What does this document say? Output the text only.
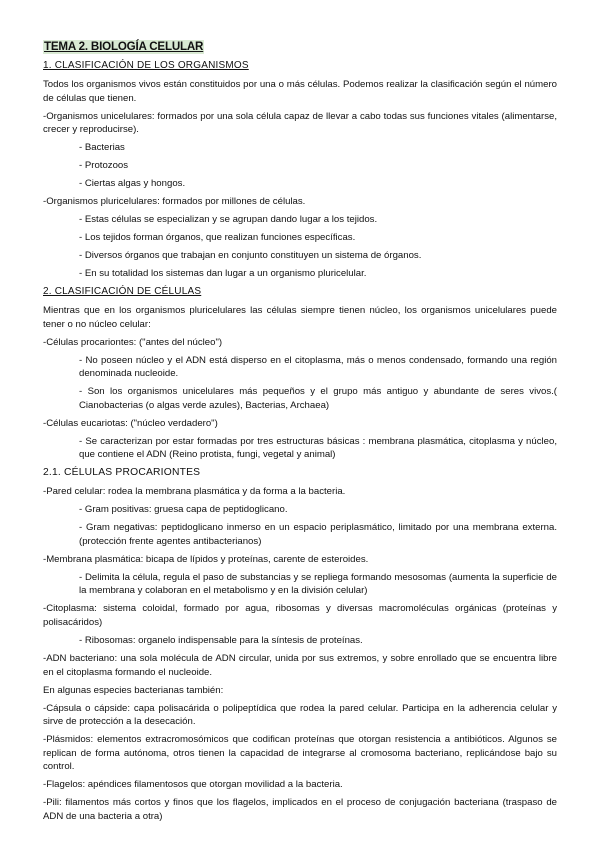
TEMA 2. BIOLOGÍA CELULAR
1. CLASIFICACIÓN DE LOS ORGANISMOS
Todos los organismos vivos están constituidos por una o más células. Podemos realizar la clasificación según el número de células que tienen.
-Organismos unicelulares: formados por una sola célula capaz de llevar a cabo todas sus funciones vitales (alimentarse, crecer y reproducirse).
- Bacterias
- Protozoos
- Ciertas algas y hongos.
-Organismos pluricelulares: formados por millones de células.
- Estas células se especializan y se agrupan dando lugar a los tejidos.
- Los tejidos forman órganos, que realizan funciones específicas.
- Diversos órganos que trabajan en conjunto constituyen un sistema de órganos.
- En su totalidad los sistemas dan lugar a un organismo pluricelular.
2. CLASIFICACIÓN DE CÉLULAS
Mientras que en los organismos pluricelulares las células siempre tienen núcleo, los organismos unicelulares puede tener o no núcleo celular:
-Células procariontes: ("antes del núcleo")
- No poseen núcleo y el ADN está disperso en el citoplasma, más o menos condensado, formando una región denominada nucleoide.
- Son los organismos unicelulares más pequeños y el grupo más antiguo y abundante de seres vivos.( Cianobacterias (o algas verde azules), Bacterias, Archaea)
-Células eucariotas: ("núcleo verdadero")
- Se caracterizan por estar formadas por tres estructuras básicas : membrana plasmática, citoplasma y núcleo, que contiene el ADN (Reino protista, fungi, vegetal y animal)
2.1. CÉLULAS PROCARIONTES
-Pared celular: rodea la membrana plasmática y da forma a la bacteria.
- Gram positivas: gruesa capa de peptidoglicano.
- Gram negativas: peptidoglicano inmerso en un espacio periplasmático, limitado por una membrana externa. (protección frente agentes antibacterianos)
-Membrana plasmática: bicapa de lípidos y proteínas, carente de esteroides.
- Delimita la célula, regula el paso de substancias y se repliega formando mesosomas (aumenta la superficie de la membrana y colaboran en el metabolismo y en la división celular)
-Citoplasma: sistema coloidal, formado por agua, ribosomas y diversas macromoléculas orgánicas (proteínas y polisacáridos)
- Ribosomas: organelo indispensable para la síntesis de proteínas.
-ADN bacteriano: una sola molécula de ADN circular, unida por sus extremos, y sobre enrollado que se encuentra libre en el citoplasma formando el nucleoide.
En algunas especies bacterianas también:
-Cápsula o cápside: capa polisacárida o polipeptídica que rodea la pared celular. Participa en la adherencia celular y sirve de protección a la desecación.
-Plásmidos: elementos extracromosómicos que codifican proteínas que otorgan resistencia a antibióticos. Algunos se replican de forma autónoma, otros tienen la capacidad de integrarse al cromosoma bacteriano, replicándose bajo su control.
-Flagelos: apéndices filamentosos que otorgan movilidad a la bacteria.
-Pili: filamentos más cortos y finos que los flagelos, implicados en el proceso de conjugación bacteriana (traspaso de ADN de una bacteria a otra)
